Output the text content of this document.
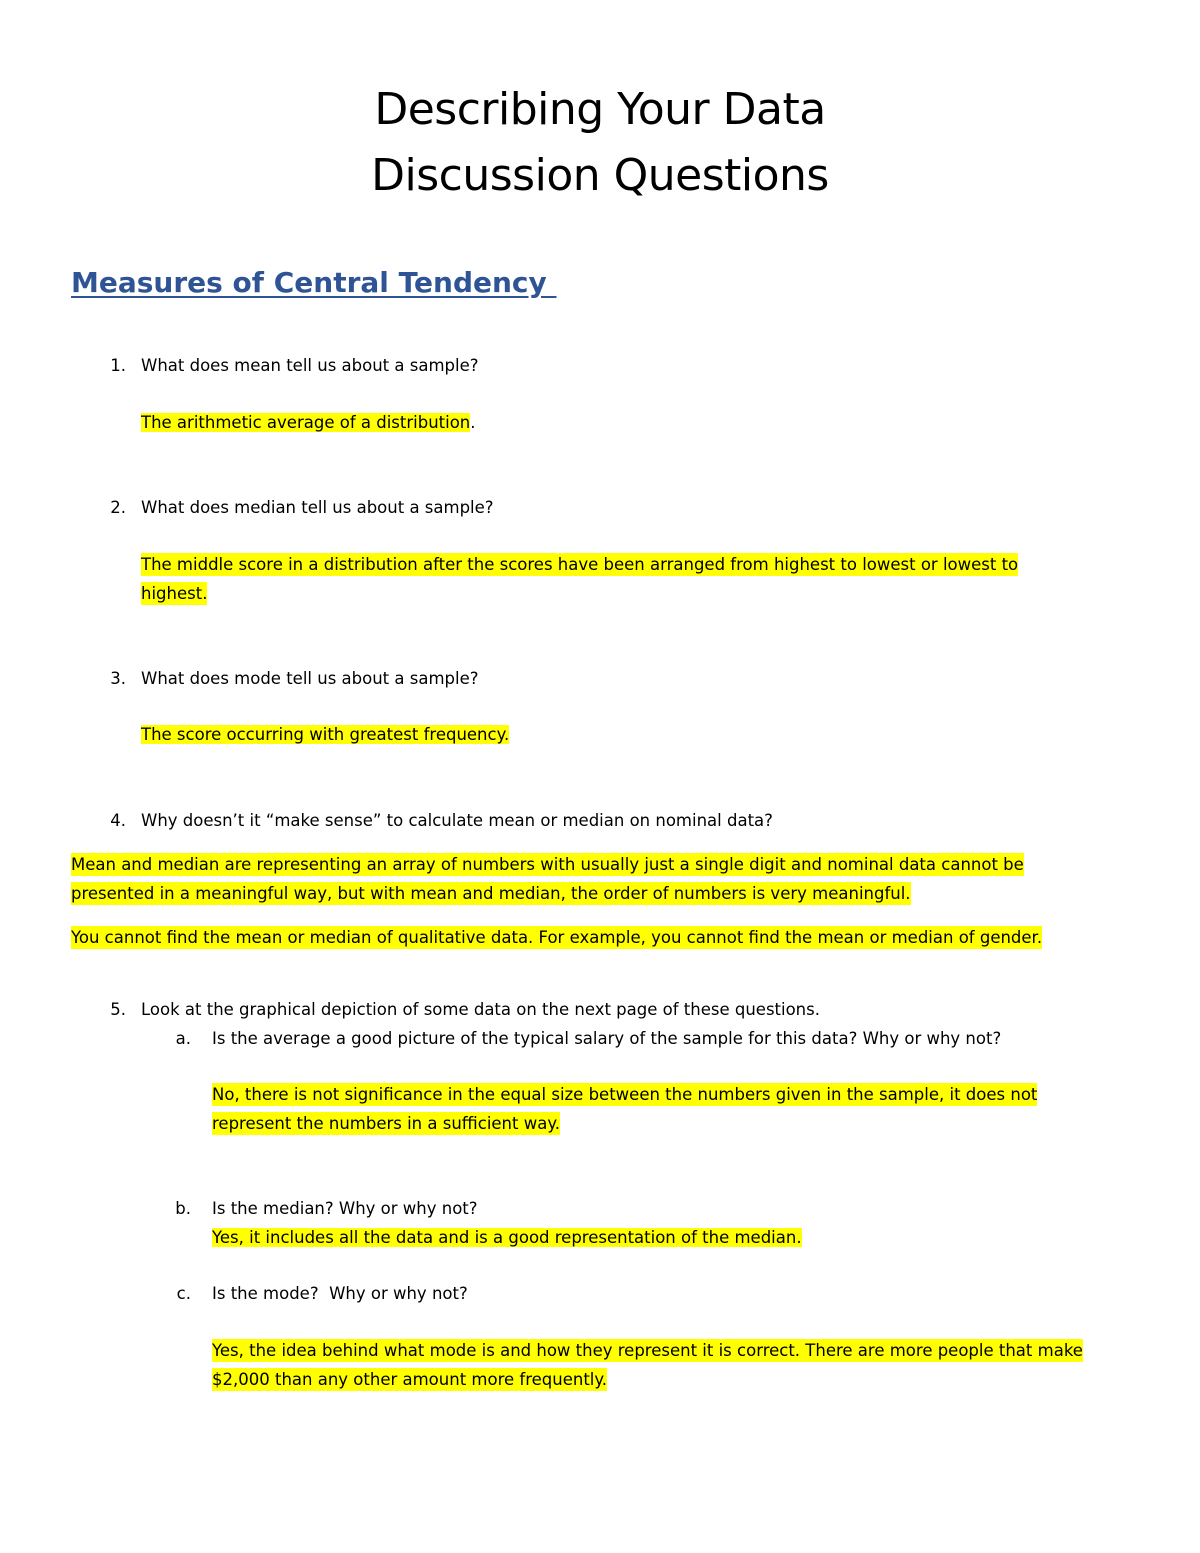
Describing Your Data
Discussion Questions
Measures of Central Tendency
1. What does mean tell us about a sample?
The arithmetic average of a distribution.
2. What does median tell us about a sample?
The middle score in a distribution after the scores have been arranged from highest to lowest or lowest to highest.
3. What does mode tell us about a sample?
The score occurring with greatest frequency.
4. Why doesn’t it “make sense” to calculate mean or median on nominal data?
Mean and median are representing an array of numbers with usually just a single digit and nominal data cannot be presented in a meaningful way, but with mean and median, the order of numbers is very meaningful.
You cannot find the mean or median of qualitative data. For example, you cannot find the mean or median of gender.
5. Look at the graphical depiction of some data on the next page of these questions.
a. Is the average a good picture of the typical salary of the sample for this data? Why or why not?
No, there is not significance in the equal size between the numbers given in the sample, it does not represent the numbers in a sufficient way.
b. Is the median? Why or why not?
Yes, it includes all the data and is a good representation of the median.
c. Is the mode?  Why or why not?
Yes, the idea behind what mode is and how they represent it is correct. There are more people that make $2,000 than any other amount more frequently.
